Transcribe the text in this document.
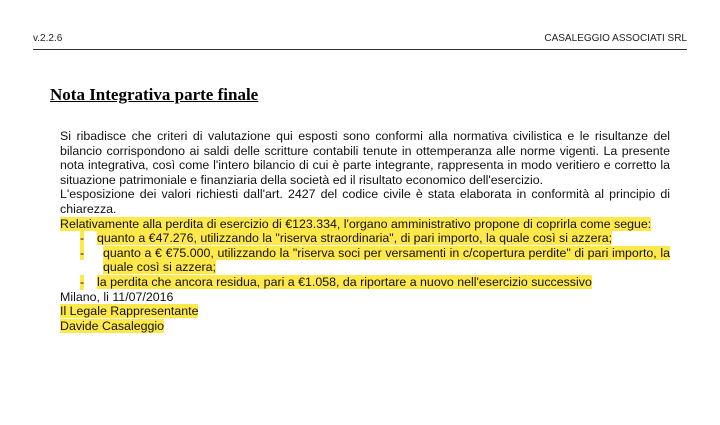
v.2.2.6	CASALEGGIO ASSOCIATI SRL
Nota Integrativa parte finale

Si ribadisce che criteri di valutazione qui esposti sono conformi alla normativa civilistica e le risultanze del bilancio corrispondono ai saldi delle scritture contabili tenute in ottemperanza alle norme vigenti. La presente nota integrativa, così come l'intero bilancio di cui è parte integrante, rappresenta in modo veritiero e corretto la situazione patrimoniale e finanziaria della società ed il risultato economico dell'esercizio.

L'esposizione dei valori richiesti dall'art. 2427 del codice civile è stata elaborata in conformità al principio di chiarezza.

Relativamente alla perdita di esercizio di €123.334, l'organo amministrativo propone di coprirla come segue:

- quanto a €47.276, utilizzando la "riserva straordinaria", di pari importo, la quale così si azzera;
- quanto a € €75.000, utilizzando la "riserva soci per versamenti in c/copertura perdite" di pari importo, la quale così si azzera;
- la perdita che ancora residua, pari a €1.058, da riportare a nuovo nell'esercizio successivo

Milano, li 11/07/2016

Il Legale Rappresentante

Davide Casaleggio
